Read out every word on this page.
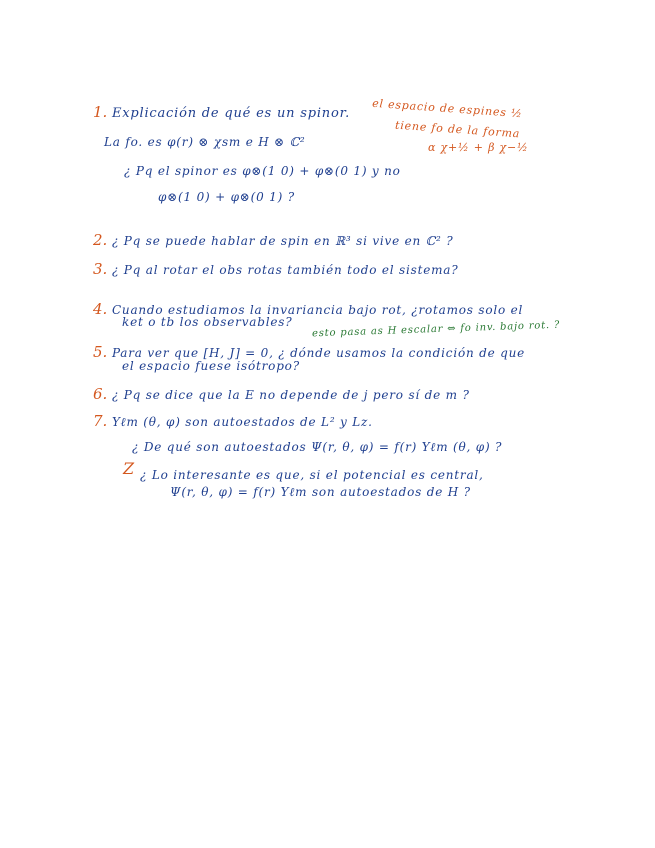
1. Explicación de qué es un spinor. el espacio de espines ½
tiene fo de la forma
α χ+½ + β χ−½
La fo. es φ(r) ⊗ χsm e H ⊗ ℂ²
¿ Pq el spinor es φ⊗(1 0) + φ⊗(0 1) y no
φ⊗(1 0) + φ⊗(0 1) ?
2. ¿ Pq se puede hablar de spin en ℝ³ si vive en ℂ² ?
3. ¿ Pq al rotar el obs rotas también todo el sistema?
4. Cuando estudiamos la invariancia bajo rot, ¿rotamos solo el
ket o tb los observables? esto pasa as H escalar ⇔ fo inv. bajo rot. ?
5. Para ver que [H, J] = 0, ¿ dónde usamos la condición de que
el espacio fuese isótropo?
6. ¿ Pq se dice que la E no depende de j pero sí de m ?
7. Yℓm (θ, φ) son autoestados de L² y Lz.
¿ De qué son autoestados Ψ(r, θ, φ) = f(r) Yℓm (θ, φ) ?
Z ¿ Lo interesante es que, si el potencial es central,
Ψ(r, θ, φ) = f(r) Yℓm son autoestados de H ?
